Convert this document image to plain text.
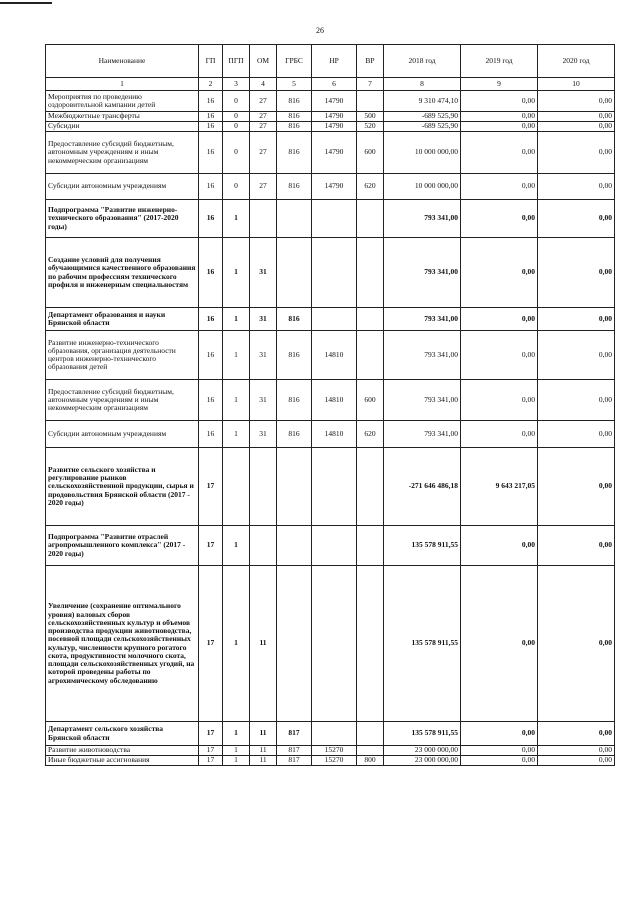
26
Наименование	ГП	ПГП	ОМ	ГРБС	НР	ВР	2018 год	2019 год	2020 год
1	2	3	4	5	6	7	8	9	10
Мероприятия по проведению оздоровительной кампании детей	16	0	27	816	14790		9 310 474,10	0,00	0,00
Межбюджетные трансферты	16	0	27	816	14790	500	-689 525,90	0,00	0,00
Субсидии	16	0	27	816	14790	520	-689 525,90	0,00	0,00
Предоставление субсидий бюджетным, автономным учреждениям и иным некоммерческим организациям	16	0	27	816	14790	600	10 000 000,00	0,00	0,00
Субсидии автономным учреждениям	16	0	27	816	14790	620	10 000 000,00	0,00	0,00
Подпрограмма "Развитие инженерно-технического образования" (2017-2020 годы)	16	1					793 341,00	0,00	0,00
Создание условий для получения обучающимися качественного образования по рабочим профессиям технического профиля и инженерным специальностям	16	1	31				793 341,00	0,00	0,00
Департамент образования и науки Брянской области	16	1	31	816			793 341,00	0,00	0,00
Развитие инженерно-технического образования, организация деятельности центров инженерно-технического образования детей	16	1	31	816	14810		793 341,00	0,00	0,00
Предоставление субсидий бюджетным, автономным учреждениям и иным некоммерческим организациям	16	1	31	816	14810	600	793 341,00	0,00	0,00
Субсидии автономным учреждениям	16	1	31	816	14810	620	793 341,00	0,00	0,00
Развитие сельского хозяйства и регулирование рынков сельскохозяйственной продукции, сырья и продовольствия Брянской области (2017 - 2020 годы)	17						-271 646 486,18	9 643 217,05	0,00
Подпрограмма "Развитие отраслей агропромышленного комплекса" (2017 - 2020 годы)	17	1					135 578 911,55	0,00	0,00
Увеличение (сохранение оптимального уровня) валовых сборов сельскохозяйственных культур и объемов производства продукции животноводства, посевной площади сельскохозяйственных культур, численности крупного рогатого скота, продуктивности молочного скота, площади сельскохозяйственных угодий, на которой проведены работы по агрохимическому обследованию	17	1	11				135 578 911,55	0,00	0,00
Департамент сельского хозяйства Брянской области	17	1	11	817			135 578 911,55	0,00	0,00
Развитие животноводства	17	1	11	817	15270		23 000 000,00	0,00	0,00
Иные бюджетные ассигнования	17	1	11	817	15270	800	23 000 000,00	0,00	0,00
